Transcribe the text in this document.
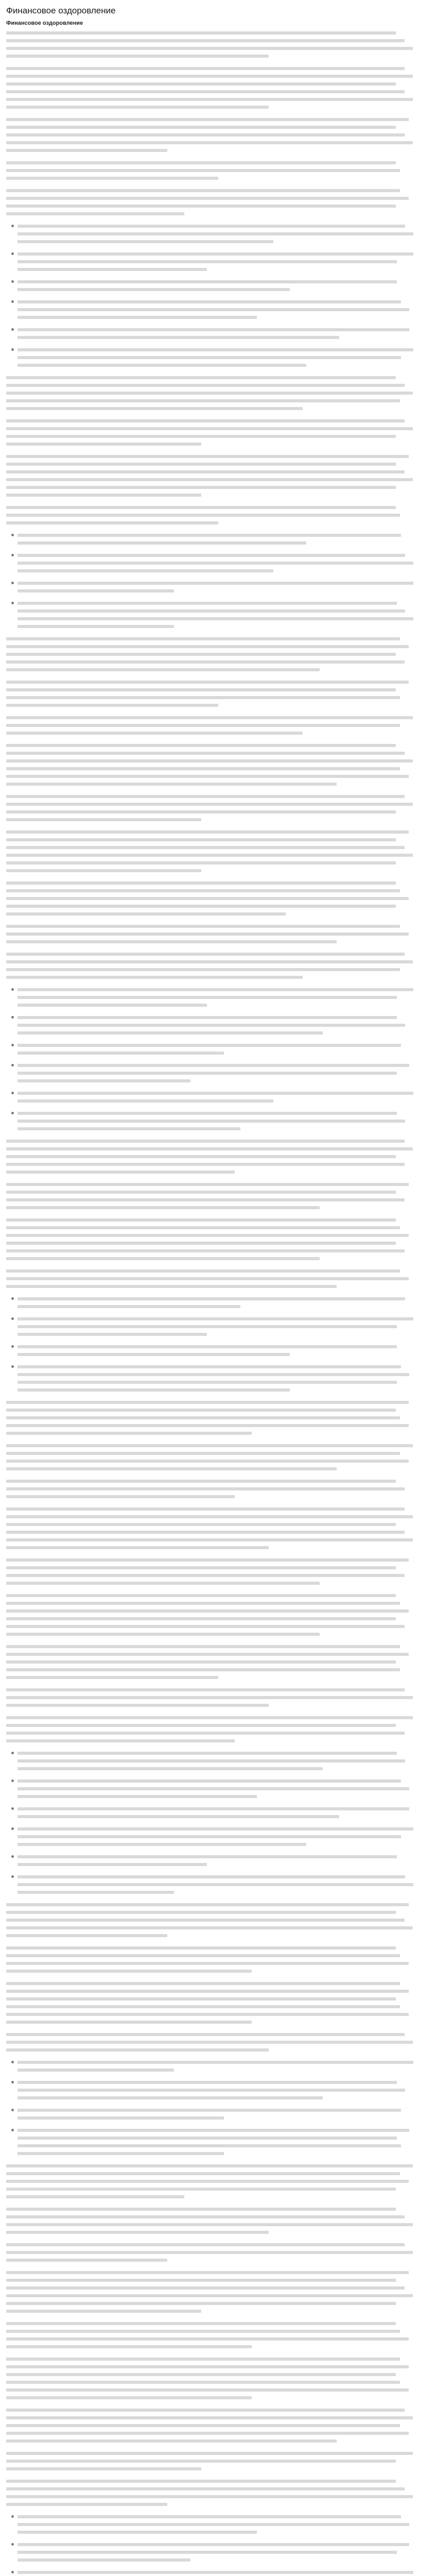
Финансовое оздоровление

Финансовое оздоровление
